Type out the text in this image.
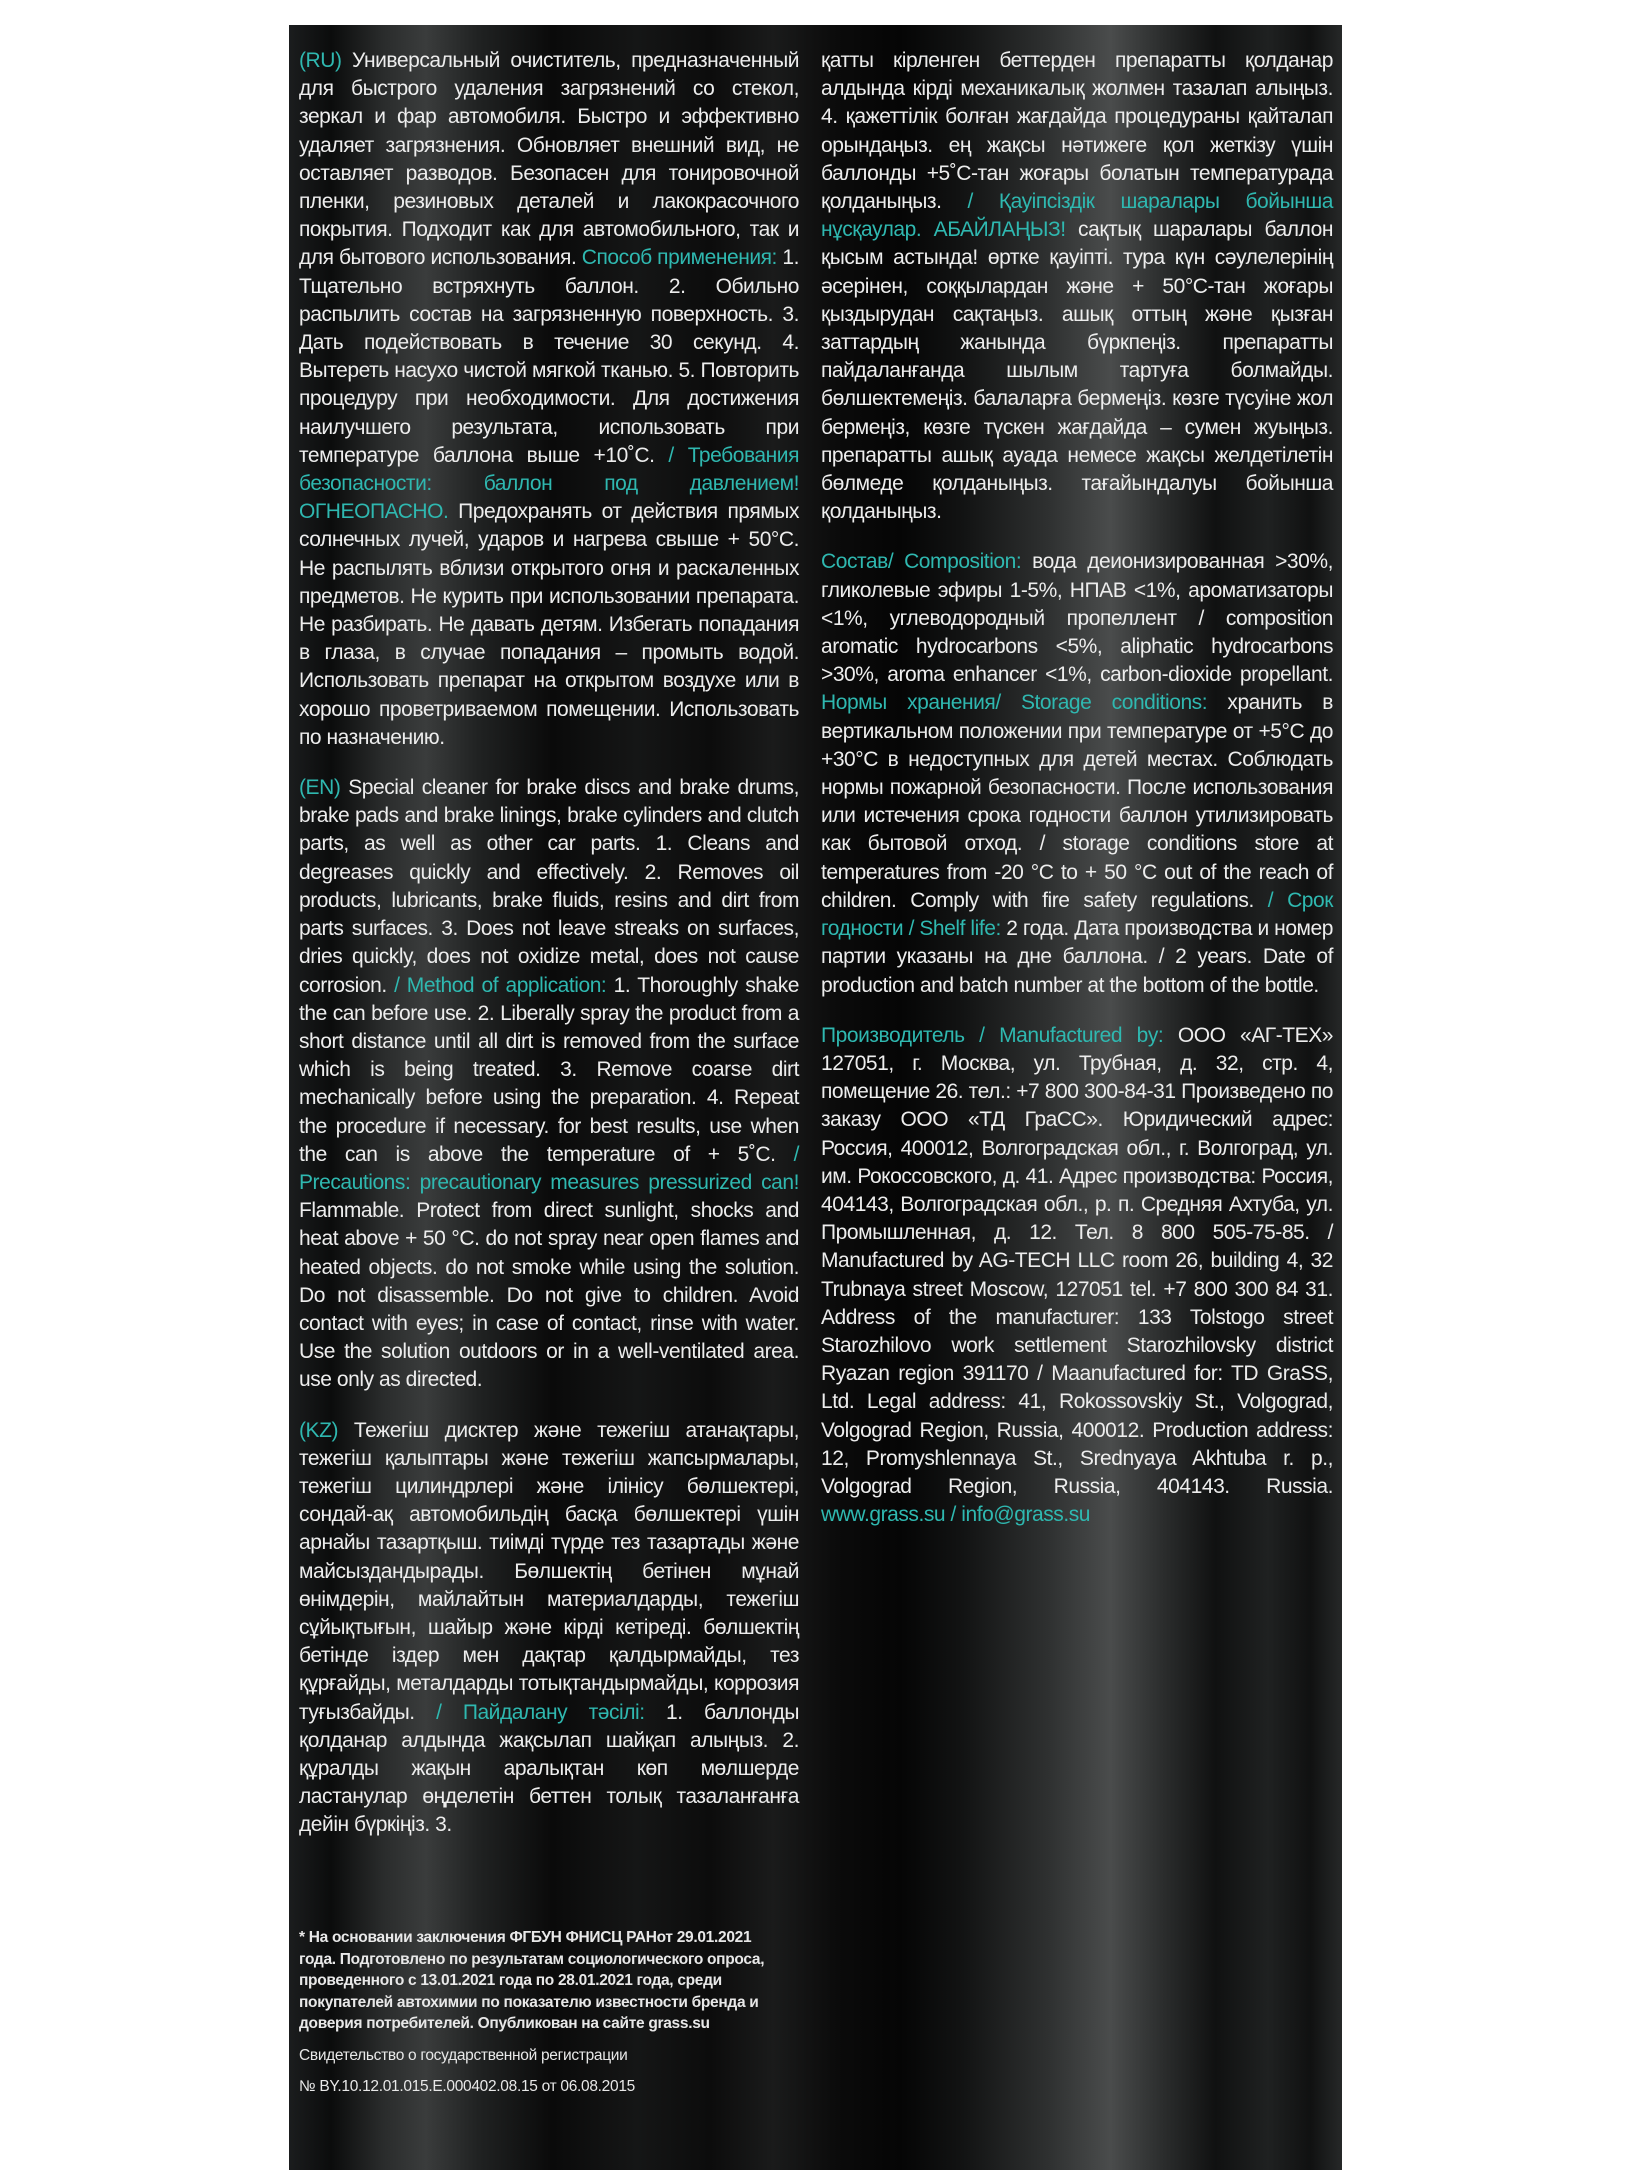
(RU) Универсальный очиститель, предназначенный для быстрого удаления загрязнений со стекол, зеркал и фар автомобиля. Быстро и эффективно удаляет загрязнения. Обновляет внешний вид, не оставляет разводов. Безопасен для тонировочной пленки, резиновых деталей и лакокрасочного покрытия. Подходит как для автомобильного, так и для бытового использования. Способ применения: 1. Тщательно встряхнуть баллон. 2. Обильно распылить состав на загрязненную поверхность. 3. Дать подействовать в течение 30 секунд. 4. Вытереть насухо чистой мягкой тканью. 5. Повторить процедуру при необходимости. Для достижения наилучшего результата, использовать при температуре баллона выше +10˚С. / Требования безопасности: баллон под давлением! ОГНЕОПАСНО. Предохранять от действия прямых солнечных лучей, ударов и нагрева свыше + 50°С. Не распылять вблизи открытого огня и раскаленных предметов. Не курить при использовании препарата. Не разбирать. Не давать детям. Избегать попадания в глаза, в случае попадания – промыть водой. Использовать препарат на открытом воздухе или в хорошо проветриваемом помещении. Использовать по назначению.

(EN) Special cleaner for brake discs and brake drums, brake pads and brake linings, brake cylinders and clutch parts, as well as other car parts. 1. Cleans and degreases quickly and effectively. 2. Removes oil products, lubricants, brake fluids, resins and dirt from parts surfaces. 3. Does not leave streaks on surfaces, dries quickly, does not oxidize metal, does not cause corrosion. / Method of application: 1. Thoroughly shake the can before use. 2. Liberally spray the product from a short distance until all dirt is removed from the surface which is being treated. 3. Remove coarse dirt mechanically before using the preparation. 4. Repeat the procedure if necessary. for best results, use when the can is above the temperature of + 5˚С. / Precautions: precautionary measures pressurized can! Flammable. Protect from direct sunlight, shocks and heat above + 50 °C. do not spray near open flames and heated objects. do not smoke while using the solution. Do not disassemble. Do not give to children. Avoid contact with eyes; in case of contact, rinse with water. Use the solution outdoors or in a well-ventilated area. use only as directed.

(KZ) Тежегіш дисктер және тежегіш атанақтары, тежегіш қалыптары және тежегіш жапсырмалары, тежегіш цилиндрлері және ілінісу бөлшектері, сондай-ақ автомобильдің басқа бөлшектері үшін арнайы тазартқыш. тиімді түрде тез тазартады және майсыздандырады. Бөлшектің бетінен мұнай өнімдерін, майлайтын материалдарды, тежегіш сұйықтығын, шайыр және кірді кетіреді. бөлшектің бетінде іздер мен дақтар қалдырмайды, тез құрғайды, металдарды тотықтандырмайды, коррозия туғызбайды. / Пайдалану тәсілі: 1. баллонды қолданар алдында жақсылап шайқап алыңыз. 2. құралды жақын аралықтан көп мөлшерде ластанулар өңделетін беттен толық тазаланғанға дейін бүркіңіз. 3.

қатты кірленген беттерден препаратты қолданар алдында кірді механикалық жолмен тазалап алыңыз. 4. қажеттілік болған жағдайда процедураны қайталап орындаңыз. ең жақсы нәтижеге қол жеткізу үшін баллонды +5˚С-тан жоғары болатын температурада қолданыңыз. / Қауіпсіздік шаралары бойынша нұсқаулар. АБАЙЛАҢЫЗ! сақтық шаралары баллон қысым астында! өртке қауіпті. тура күн сәулелерінің әсерінен, соққылардан және + 50°С-тан жоғары қыздырудан сақтаңыз. ашық оттың және қызған заттардың жанында бүркпеңіз. препаратты пайдаланғанда шылым тартуға болмайды. бөлшектемеңіз. балаларға бермеңіз. көзге түсуіне жол бермеңіз, көзге түскен жағдайда – сумен жуыңыз. препаратты ашық ауада немесе жақсы желдетілетін бөлмеде қолданыңыз. тағайындалуы бойынша қолданыңыз.

Состав/ Composition: вода деионизированная >30%, гликолевые эфиры 1-5%, НПАВ <1%, ароматизаторы <1%, углеводородный пропеллент / composition aromatic hydrocarbons <5%, aliphatic hydrocarbons >30%, aroma enhancer <1%, carbon-dioxide propellant. Нормы хранения/ Storage conditions: хранить в вертикальном положении при температуре от +5°C до +30°C в недоступных для детей местах. Соблюдать нормы пожарной безопасности. После использования или истечения срока годности баллон утилизировать как бытовой отход. / storage conditions store at temperatures from -20 °C to + 50 °C out of the reach of children. Comply with fire safety regulations. / Срок годности / Shelf life: 2 года. Дата производства и номер партии указаны на дне баллона. / 2 years. Date of production and batch number at the bottom of the bottle.

Производитель / Manufactured by: ООО «АГ-ТЕХ» 127051, г. Москва, ул. Трубная, д. 32, стр. 4, помещение 26. тел.: +7 800 300-84-31 Произведено по заказу ООО «ТД ГраСС». Юридический адрес: Россия, 400012, Волгоградская обл., г. Волгоград, ул. им. Рокоссовского, д. 41. Адрес производства: Россия, 404143, Волгоградская обл., р. п. Средняя Ахтуба, ул. Промышленная, д. 12. Тел. 8 800 505-75-85. / Manufactured by AG-TECH LLC room 26, building 4, 32 Trubnaya street Moscow, 127051 tel. +7 800 300 84 31. Address of the manufacturer: 133 Tolstogo street Starozhilovo work settlement Starozhilovsky district Ryazan region 391170 / Maanufactured for: TD GraSS, Ltd. Legal address: 41, Rokossovskiy St., Volgograd, Volgograd Region, Russia, 400012. Production address: 12, Promyshlennaya St., Srednyaya Akhtuba r. p., Volgograd Region, Russia, 404143. Russia. www.grass.su / info@grass.su

* На основании заключения ФГБУН ФНИСЦ РАНот 29.01.2021 года. Подготовлено по результатам социологического опроса, проведенного с 13.01.2021 года по 28.01.2021 года, среди покупателей автохимии по показателю известности бренда и доверия потребителей. Опубликован на сайте grass.su

Свидетельство о государственной регистрации

№ BY.10.12.01.015.E.000402.08.15 от 06.08.2015
